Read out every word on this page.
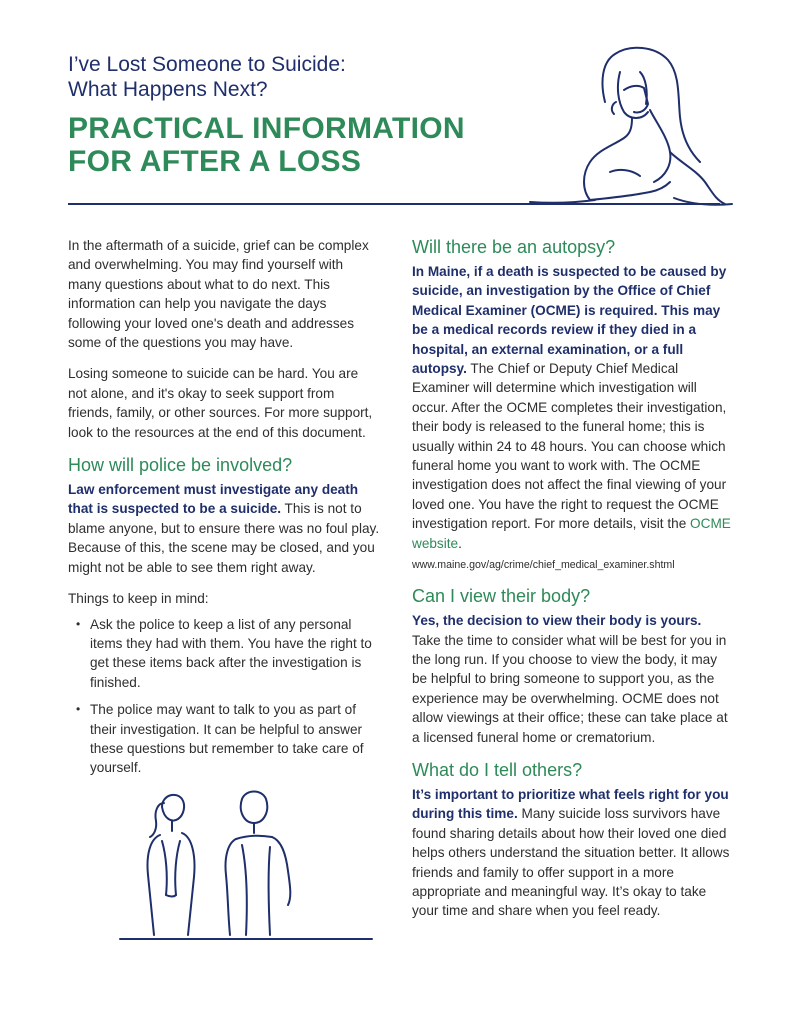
I’ve Lost Someone to Suicide:
What Happens Next?
PRACTICAL INFORMATION
FOR AFTER A LOSS

In the aftermath of a suicide, grief can be complex and overwhelming. You may find yourself with many questions about what to do next. This information can help you navigate the days following your loved one's death and addresses some of the questions you may have.

Losing someone to suicide can be hard. You are not alone, and it's okay to seek support from friends, family, or other sources. For more support, look to the resources at the end of this document.

How will police be involved?

Law enforcement must investigate any death that is suspected to be a suicide. This is not to blame anyone, but to ensure there was no foul play. Because of this, the scene may be closed, and you might not be able to see them right away.

Things to keep in mind:
• Ask the police to keep a list of any personal items they had with them. You have the right to get these items back after the investigation is finished.
• The police may want to talk to you as part of their investigation. It can be helpful to answer these questions but remember to take care of yourself.
Will there be an autopsy?

In Maine, if a death is suspected to be caused by suicide, an investigation by the Office of Chief Medical Examiner (OCME) is required. This may be a medical records review if they died in a hospital, an external examination, or a full autopsy. The Chief or Deputy Chief Medical Examiner will determine which investigation will occur. After the OCME completes their investigation, their body is released to the funeral home; this is usually within 24 to 48 hours. You can choose which funeral home you want to work with. The OCME investigation does not affect the final viewing of your loved one. You have the right to request the OCME investigation report. For more details, visit the OCME website.

www.maine.gov/ag/crime/chief_medical_examiner.shtml
Can I view their body?

Yes, the decision to view their body is yours. Take the time to consider what will be best for you in the long run. If you choose to view the body, it may be helpful to bring someone to support you, as the experience may be overwhelming. OCME does not allow viewings at their office; these can take place at a licensed funeral home or crematorium.

What do I tell others?

It’s important to prioritize what feels right for you during this time. Many suicide loss survivors have found sharing details about how their loved one died helps others understand the situation better. It allows friends and family to offer support in a more appropriate and meaningful way. It’s okay to take your time and share when you feel ready.
